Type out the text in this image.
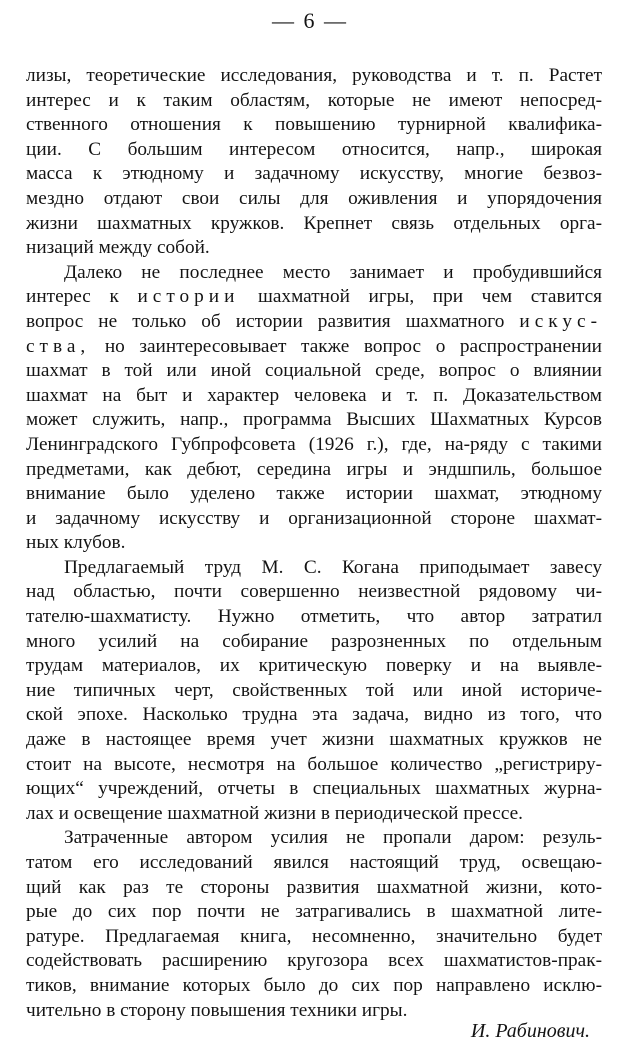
— 6 —
лизы, теоретические исследования, руководства и т. п. Растет
интерес и к таким областям, которые не имеют непосред-
ственного отношения к повышению турнирной квалифика-
ции. С большим интересом относится, напр., широкая
масса к этюдному и задачному искусству, многие безвоз-
мездно отдают свои силы для оживления и упорядочения
жизни шахматных кружков. Крепнет связь отдельных орга-
низаций между собой.
Далеко не последнее место занимает и пробудившийся
интерес к истории шахматной игры, при чем ставится
вопрос не только об истории развития шахматного искус-
ства, но заинтересовывает также вопрос о распространении
шахмат в той или иной социальной среде, вопрос о влиянии
шахмат на быт и характер человека и т. п. Доказательством
может служить, напр., программа Высших Шахматных Курсов
Ленинградского Губпрофсовета (1926 г.), где, на-ряду с такими
предметами, как дебют, середина игры и эндшпиль, большое
внимание было уделено также истории шахмат, этюдному
и задачному искусству и организационной стороне шахмат-
ных клубов.
Предлагаемый труд М. С. Когана приподымает завесу
над областью, почти совершенно неизвестной рядовому чи-
тателю-шахматисту. Нужно отметить, что автор затратил
много усилий на собирание разрозненных по отдельным
трудам материалов, их критическую поверку и на выявле-
ние типичных черт, свойственных той или иной историче-
ской эпохе. Насколько трудна эта задача, видно из того, что
даже в настоящее время учет жизни шахматных кружков не
стоит на высоте, несмотря на большое количество „регистриру-
ющих“ учреждений, отчеты в специальных шахматных журна-
лах и освещение шахматной жизни в периодической прессе.
Затраченные автором усилия не пропали даром: резуль-
татом его исследований явился настоящий труд, освещаю-
щий как раз те стороны развития шахматной жизни, кото-
рые до сих пор почти не затрагивались в шахматной лите-
ратуре. Предлагаемая книга, несомненно, значительно будет
содействовать расширению кругозора всех шахматистов-прак-
тиков, внимание которых было до сих пор направлено исклю-
чительно в сторону повышения техники игры.
И. Рабинович.
